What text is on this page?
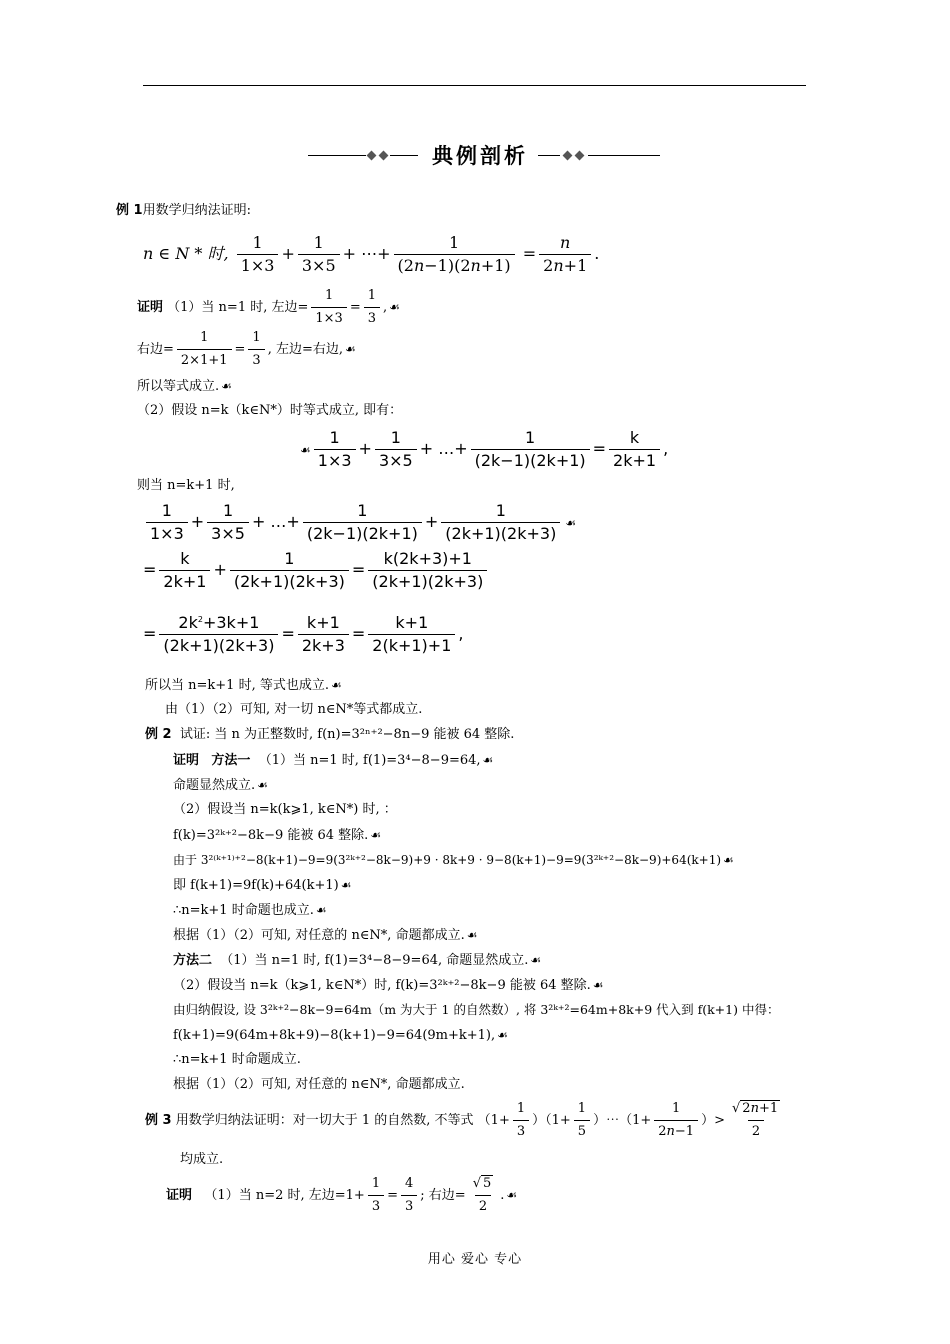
典例剖析
例 1用数学归纳法证明:
n ∈ N * 时, $\frac{1}{1\times 3} + \frac{1}{3\times 5}$ + ⋯+ $\frac{1}{(2n-1)(2n+1)} = \frac{n}{2n+1}$ .
证明 （1）当 n=1 时, 左边= $\frac{1}{1\times 3} = \frac{1}{3}$ , ☙
右边= $\frac{1}{2\times 1+1} = \frac{1}{3}$ , 左边=右边, ☙
所以等式成立. ☙
（2）假设 n=k（k∈N*）时等式成立, 即有：
☙ $\frac{1}{1\times 3} + \frac{1}{3\times 5}$ + …+ $\frac{1}{(2k-1)(2k+1)} = \frac{k}{2k+1}$ ,
则当 n=k+1 时,
$\frac{1}{1\times 3} + \frac{1}{3\times 5}$ + …+ $\frac{1}{(2k-1)(2k+1)} + \frac{1}{(2k+1)(2k+3)}$ ☙
= $\frac{k}{2k+1} + \frac{1}{(2k+1)(2k+3)} = \frac{k(2k+3)+1}{(2k+1)(2k+3)}$
= $\frac{2k^2+3k+1}{(2k+1)(2k+3)} = \frac{k+1}{2k+3} = \frac{k+1}{2(k+1)+1}$ ,
所以当 n=k+1 时, 等式也成立. ☙
由（1）（2）可知, 对一切 n∈N*等式都成立.
例 2 试证: 当 n 为正整数时, f(n)=3²ⁿ⁺²−8n−9 能被 64 整除.
证明 方法一 （1）当 n=1 时, f(1)=3⁴−8−9=64, ☙
命题显然成立. ☙
（2）假设当 n=k(k⩾1, k∈N*) 时, ：
f(k)=3²ᵏ⁺²−8k−9 能被 64 整除. ☙
由于 3²⁽ᵏ⁺¹⁾⁺²−8(k+1)−9=9(3²ᵏ⁺²−8k−9)+9 · 8k+9 · 9−8(k+1)−9=9(3²ᵏ⁺²−8k−9)+64(k+1) ☙
即 f(k+1)=9f(k)+64(k+1) ☙
∴n=k+1 时命题也成立. ☙
根据（1）（2）可知, 对任意的 n∈N*, 命题都成立. ☙
方法二 （1）当 n=1 时, f(1)=3⁴−8−9=64, 命题显然成立. ☙
（2）假设当 n=k（k⩾1, k∈N*）时, f(k)=3²ᵏ⁺²−8k−9 能被 64 整除. ☙
由归纳假设, 设 3²ᵏ⁺²−8k−9=64m（m 为大于 1 的自然数）, 将 3²ᵏ⁺²=64m+8k+9 代入到 f(k+1) 中得：
f(k+1)=9(64m+8k+9)−8(k+1)−9=64(9m+k+1), ☙
∴n=k+1 时命题成立.
根据（1）（2）可知, 对任意的 n∈N*, 命题都成立.
例 3 用数学归纳法证明：对一切大于 1 的自然数, 不等式 $(1+ \frac{1}{3} )(1+ \frac{1}{5}$ ）⋯（1+ $\frac{1}{2n-1}$ ）> $\frac{√ 2n+1}{2}$
均成立.
证明 （1）当 n=2 时, 左边$=1+ \frac{1}{3} = \frac{4}{3}$ ; 右边= $\frac{√ 5}{2}$ . ☙
用心 爱心 专心
